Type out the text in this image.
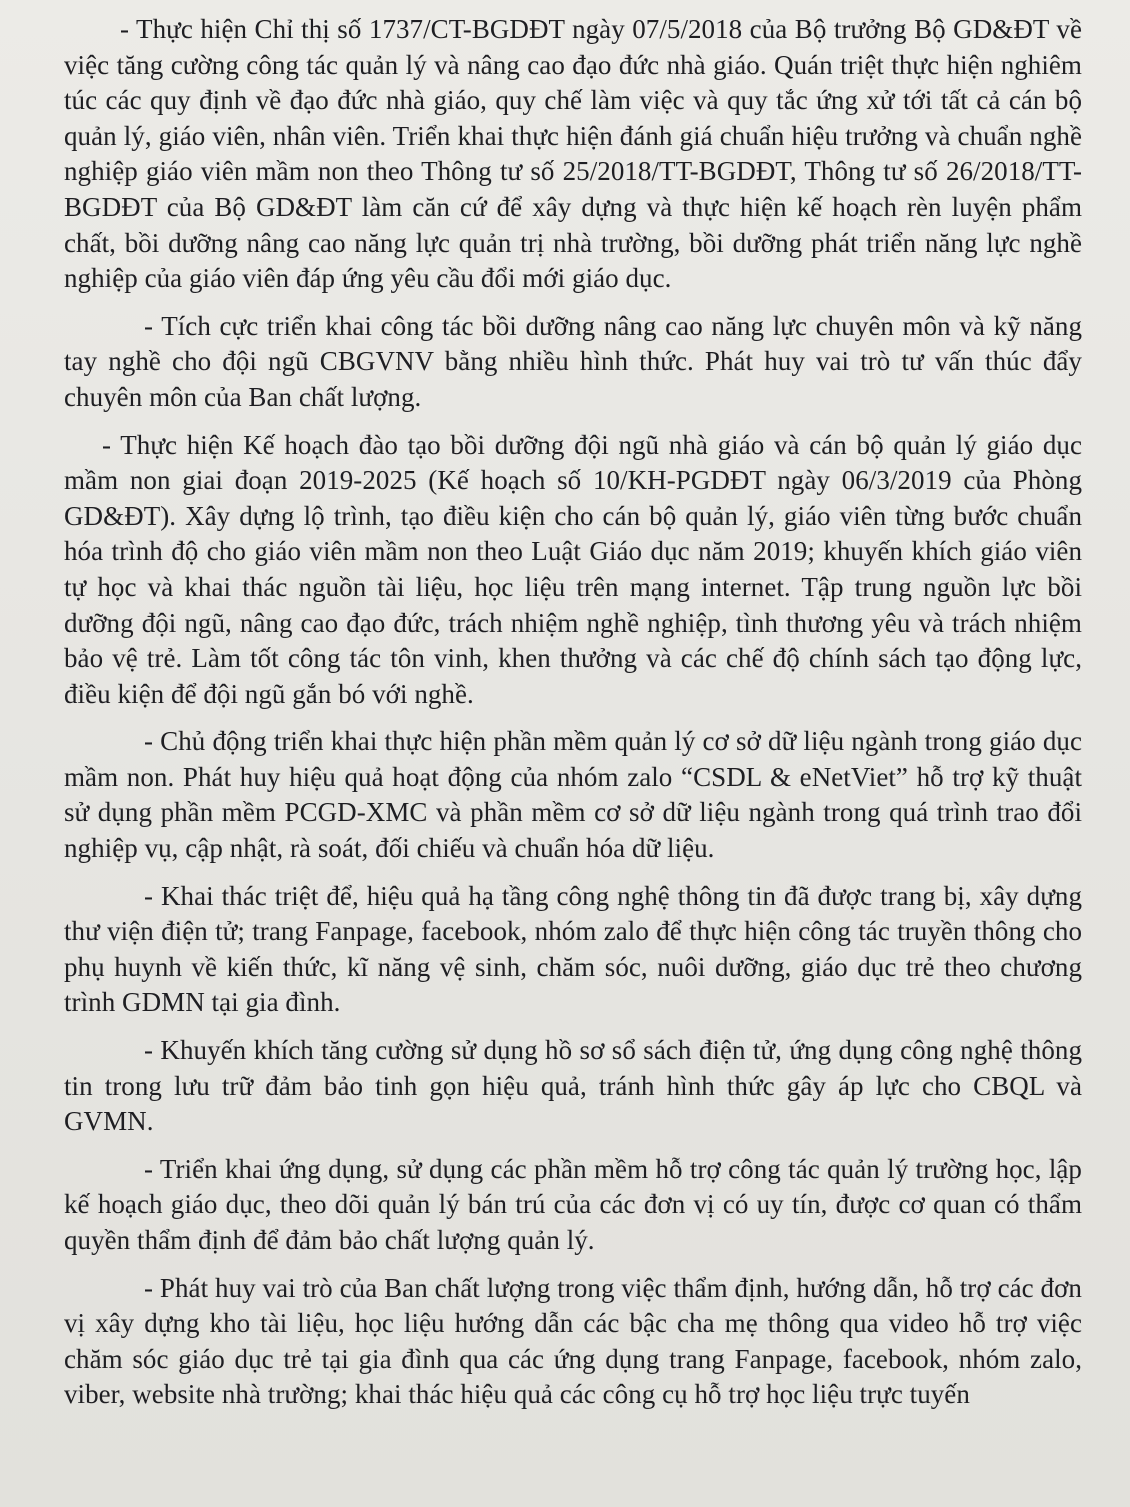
- Thực hiện Chỉ thị số 1737/CT-BGDĐT ngày 07/5/2018 của Bộ trưởng Bộ GD&ĐT về việc tăng cường công tác quản lý và nâng cao đạo đức nhà giáo. Quán triệt thực hiện nghiêm túc các quy định về đạo đức nhà giáo, quy chế làm việc và quy tắc ứng xử tới tất cả cán bộ quản lý, giáo viên, nhân viên. Triển khai thực hiện đánh giá chuẩn hiệu trưởng và chuẩn nghề nghiệp giáo viên mầm non theo Thông tư số 25/2018/TT-BGDĐT, Thông tư số 26/2018/TT-BGDĐT của Bộ GD&ĐT làm căn cứ để xây dựng và thực hiện kế hoạch rèn luyện phẩm chất, bồi dưỡng nâng cao năng lực quản trị nhà trường, bồi dưỡng phát triển năng lực nghề nghiệp của giáo viên đáp ứng yêu cầu đổi mới giáo dục.

- Tích cực triển khai công tác bồi dưỡng nâng cao năng lực chuyên môn và kỹ năng tay nghề cho đội ngũ CBGVNV bằng nhiều hình thức. Phát huy vai trò tư vấn thúc đẩy chuyên môn của Ban chất lượng.

- Thực hiện Kế hoạch đào tạo bồi dưỡng đội ngũ nhà giáo và cán bộ quản lý giáo dục mầm non giai đoạn 2019-2025 (Kế hoạch số 10/KH-PGDĐT ngày 06/3/2019 của Phòng GD&ĐT). Xây dựng lộ trình, tạo điều kiện cho cán bộ quản lý, giáo viên từng bước chuẩn hóa trình độ cho giáo viên mầm non theo Luật Giáo dục năm 2019; khuyến khích giáo viên tự học và khai thác nguồn tài liệu, học liệu trên mạng internet. Tập trung nguồn lực bồi dưỡng đội ngũ, nâng cao đạo đức, trách nhiệm nghề nghiệp, tình thương yêu và trách nhiệm bảo vệ trẻ. Làm tốt công tác tôn vinh, khen thưởng và các chế độ chính sách tạo động lực, điều kiện để đội ngũ gắn bó với nghề.

- Chủ động triển khai thực hiện phần mềm quản lý cơ sở dữ liệu ngành trong giáo dục mầm non. Phát huy hiệu quả hoạt động của nhóm zalo “CSDL & eNetViet” hỗ trợ kỹ thuật sử dụng phần mềm PCGD-XMC và phần mềm cơ sở dữ liệu ngành trong quá trình trao đổi nghiệp vụ, cập nhật, rà soát, đối chiếu và chuẩn hóa dữ liệu.

- Khai thác triệt để, hiệu quả hạ tầng công nghệ thông tin đã được trang bị, xây dựng thư viện điện tử; trang Fanpage, facebook, nhóm zalo để thực hiện công tác truyền thông cho phụ huynh về kiến thức, kĩ năng vệ sinh, chăm sóc, nuôi dưỡng, giáo dục trẻ theo chương trình GDMN tại gia đình.

- Khuyến khích tăng cường sử dụng hồ sơ sổ sách điện tử, ứng dụng công nghệ thông tin trong lưu trữ đảm bảo tinh gọn hiệu quả, tránh hình thức gây áp lực cho CBQL và GVMN.

- Triển khai ứng dụng, sử dụng các phần mềm hỗ trợ công tác quản lý trường học, lập kế hoạch giáo dục, theo dõi quản lý bán trú của các đơn vị có uy tín, được cơ quan có thẩm quyền thẩm định để đảm bảo chất lượng quản lý.

- Phát huy vai trò của Ban chất lượng trong việc thẩm định, hướng dẫn, hỗ trợ các đơn vị xây dựng kho tài liệu, học liệu hướng dẫn các bậc cha mẹ thông qua video hỗ trợ việc chăm sóc giáo dục trẻ tại gia đình qua các ứng dụng trang Fanpage, facebook, nhóm zalo, viber, website nhà trường; khai thác hiệu quả các công cụ hỗ trợ học liệu trực tuyến
